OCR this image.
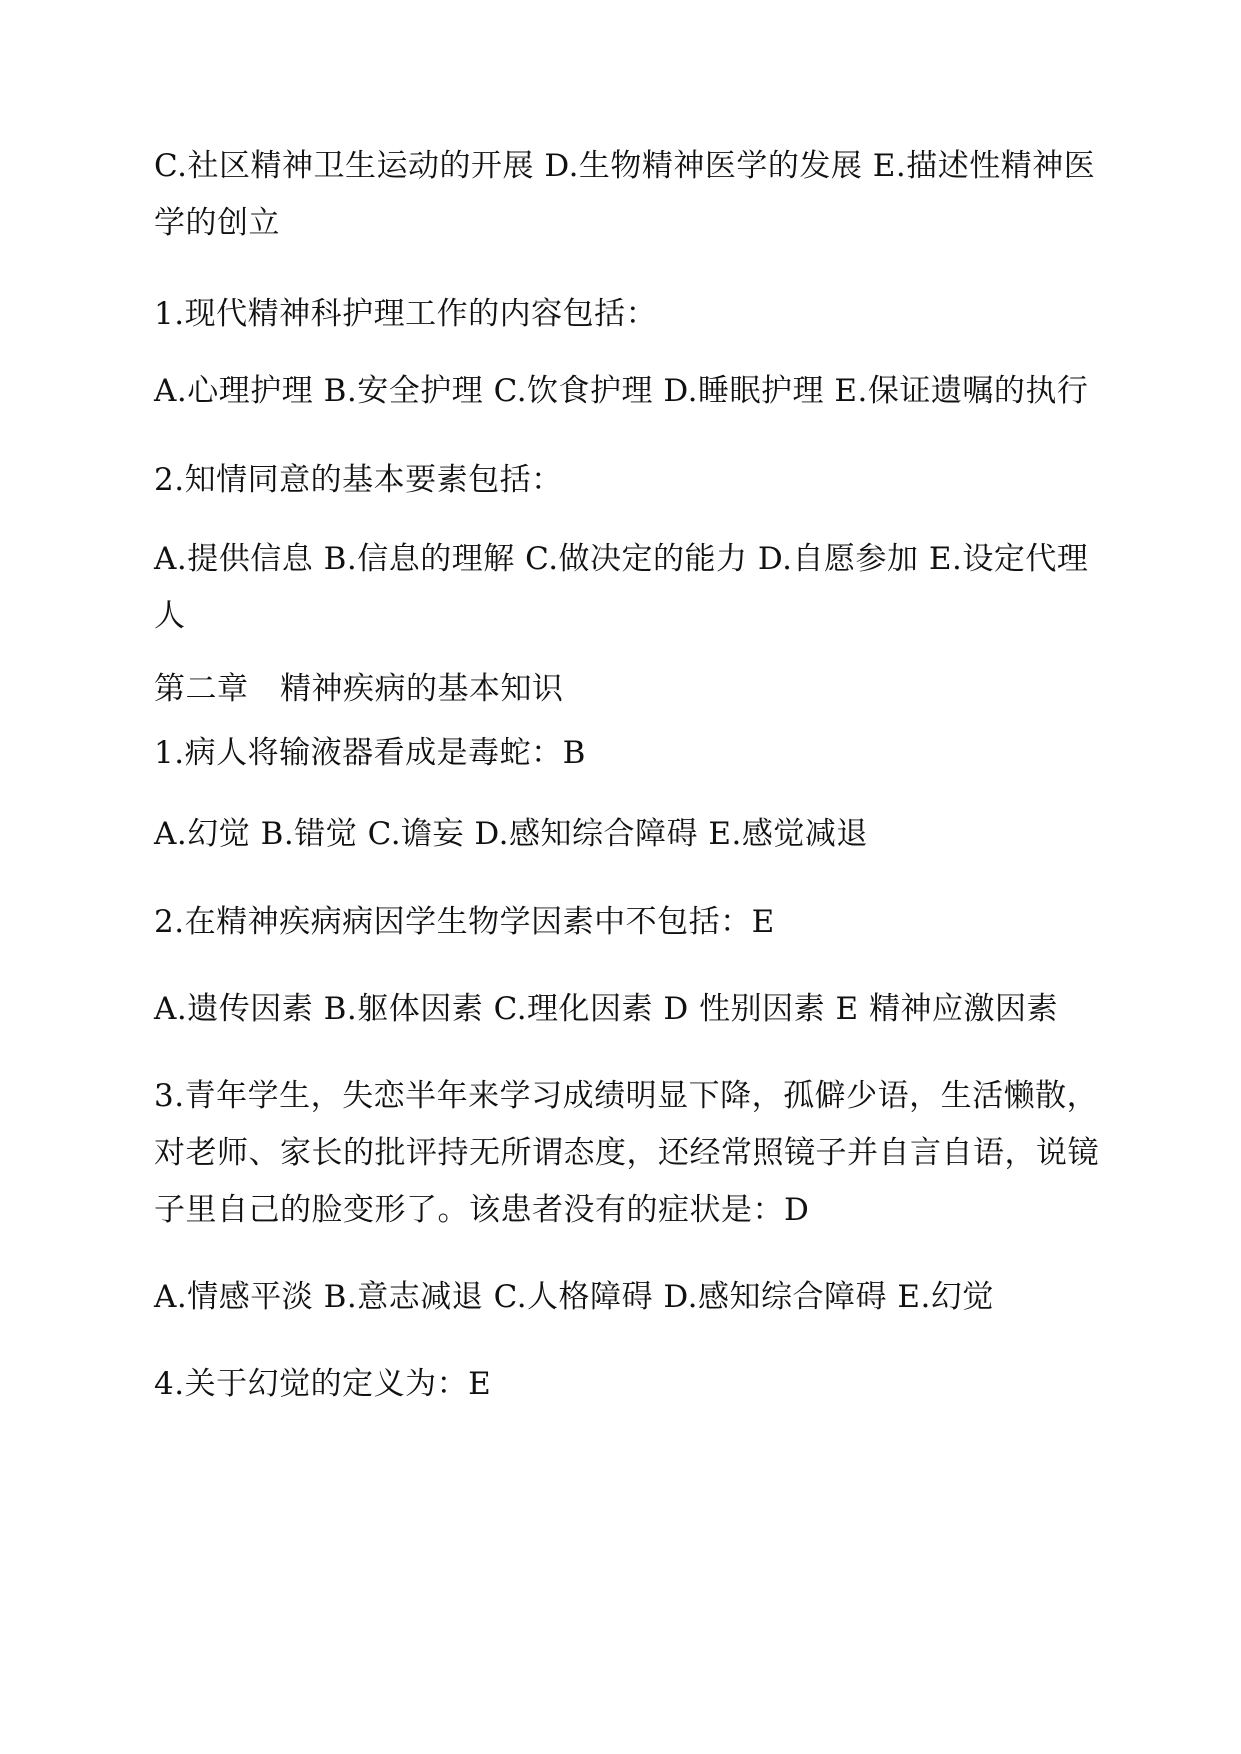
C.社区精神卫生运动的开展 D.生物精神医学的发展 E.描述性精神医
学的创立
1.现代精神科护理工作的内容包括：
A.心理护理 B.安全护理 C.饮食护理 D.睡眠护理 E.保证遗嘱的执行
2.知情同意的基本要素包括：
A.提供信息 B.信息的理解 C.做决定的能力 D.自愿参加 E.设定代理
人
第二章　精神疾病的基本知识
1.病人将输液器看成是毒蛇：B
A.幻觉 B.错觉 C.谵妄 D.感知综合障碍 E.感觉减退
2.在精神疾病病因学生物学因素中不包括：E
A.遗传因素 B.躯体因素 C.理化因素 D 性别因素 E 精神应激因素
3.青年学生，失恋半年来学习成绩明显下降，孤僻少语，生活懒散，
对老师、家长的批评持无所谓态度，还经常照镜子并自言自语，说镜
子里自己的脸变形了。该患者没有的症状是：D
A.情感平淡 B.意志减退 C.人格障碍 D.感知综合障碍 E.幻觉
4.关于幻觉的定义为：E
